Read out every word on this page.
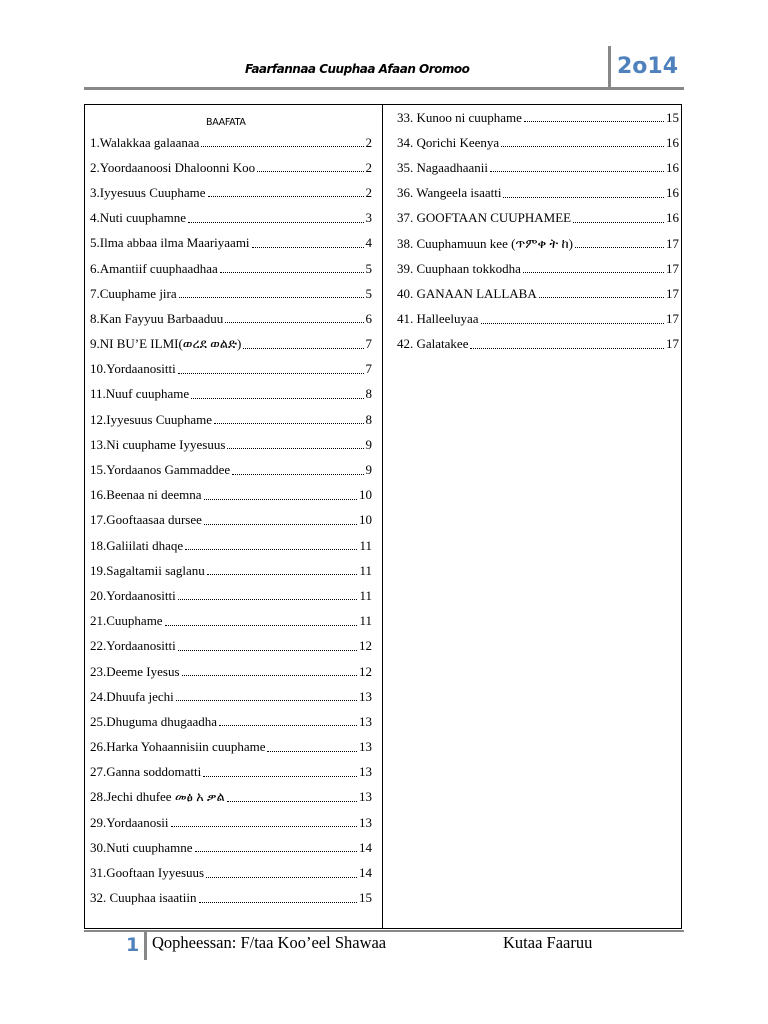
Faarfannaa Cuuphaa Afaan Oromoo	2o14
BAAFATA
1.Walakkaa galaanaa	2
2.Yoordaanoosi Dhaloonni Koo	2
3.Iyyesuus Cuuphame	2
4.Nuti cuuphamne	3
5.Ilma abbaa ilma Maariyaami	4
6.Amantiif cuuphaadhaa	5
7.Cuuphame jira	5
8.Kan Fayyuu Barbaaduu	6
9.NI BU’E ILMI(ወረደ ወልድ)	7
10.Yordaanositti	7
11.Nuuf cuuphame	8
12.Iyyesuus Cuuphame	8
13.Ni cuuphame Iyyesuus	9
15.Yordaanos Gammaddee	9
16.Beenaa ni deemna	10
17.Gooftaasaa dursee	10
18.Galiilati dhaqe	11
19.Sagaltamii saglanu	11
20.Yordaanositti	11
21.Cuuphame	11
22.Yordaanositti	12
23.Deeme Iyesus	12
24.Dhuufa jechi	13
25.Dhuguma dhugaadha	13
26.Harka Yohaannisiin cuuphame	13
27.Ganna soddomatti	13
28.Jechi dhufee መፅ አ ቃል	13
29.Yordaanosii	13
30.Nuti cuuphamne	14
31.Gooftaan Iyyesuus	14
32. Cuuphaa isaatiin	15
33. Kunoo ni cuuphame	15
34. Qorichi Keenya	16
35. Nagaadhaanii	16
36. Wangeela isaatti	16
37. GOOFTAAN CUUPHAMEE	16
38. Cuuphamuun kee (ጥምቀ ት ከ)	17
39. Cuuphaan tokkodha	17
40. GANAAN LALLABA	17
41. Halleeluyaa	17
42. Galatakee	17
1 Qopheessan: F/taa Koo’eel Shawaa	Kutaa Faaruu
